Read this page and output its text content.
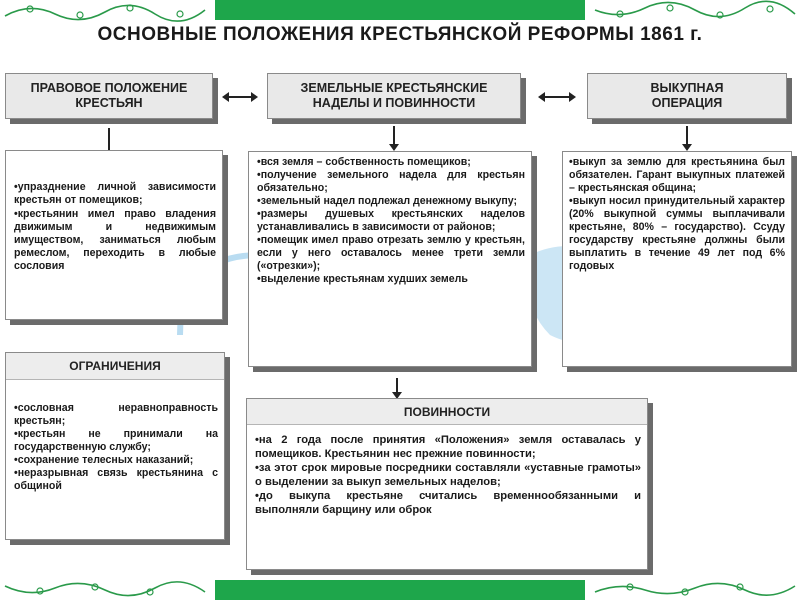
ОСНОВНЫЕ ПОЛОЖЕНИЯ КРЕСТЬЯНСКОЙ РЕФОРМЫ 1861 г.
ПРАВОВОЕ ПОЛОЖЕНИЕ КРЕСТЬЯН
ЗЕМЕЛЬНЫЕ КРЕСТЬЯНСКИЕ НАДЕЛЫ И ПОВИННОСТИ
ВЫКУПНАЯ ОПЕРАЦИЯ
• упразднение личной зависимости крестьян от помещиков;
• крестьянин имел право владения движимым и недвижимым имуществом, заниматься любым ремеслом, переходить в любые сословия
• вся земля – собственность помещиков;
• получение земельного надела для крестьян обязательно;
• земельный надел подлежал денежному выкупу;
• размеры душевых крестьянских наделов устанавливались в зависимости от районов;
• помещик имел право отрезать землю у крестьян, если у него оставалось менее трети земли («отрезки»);
• выделение крестьянам худших земель
• выкуп за землю для крестьянина был обязателен. Гарант выкупных платежей – крестьянская община;
• выкуп носил принудительный характер (20% выкупной суммы выплачивали крестьяне, 80% – государство). Ссуду государству крестьяне должны были выплатить в течение 49 лет под 6% годовых
ОГРАНИЧЕНИЯ
• сословная неравноправность крестьян;
• крестьян не принимали на государственную службу;
• сохранение телесных наказаний;
• неразрывная связь крестьянина с общиной
ПОВИННОСТИ
• на 2 года после принятия «Положения» земля оставалась у помещиков. Крестьянин нес прежние повинности;
• за этот срок мировые посредники составляли «уставные грамоты» о выделении за выкуп земельных наделов;
• до выкупа крестьяне считались временнообязанными и выполняли барщину или оброк
